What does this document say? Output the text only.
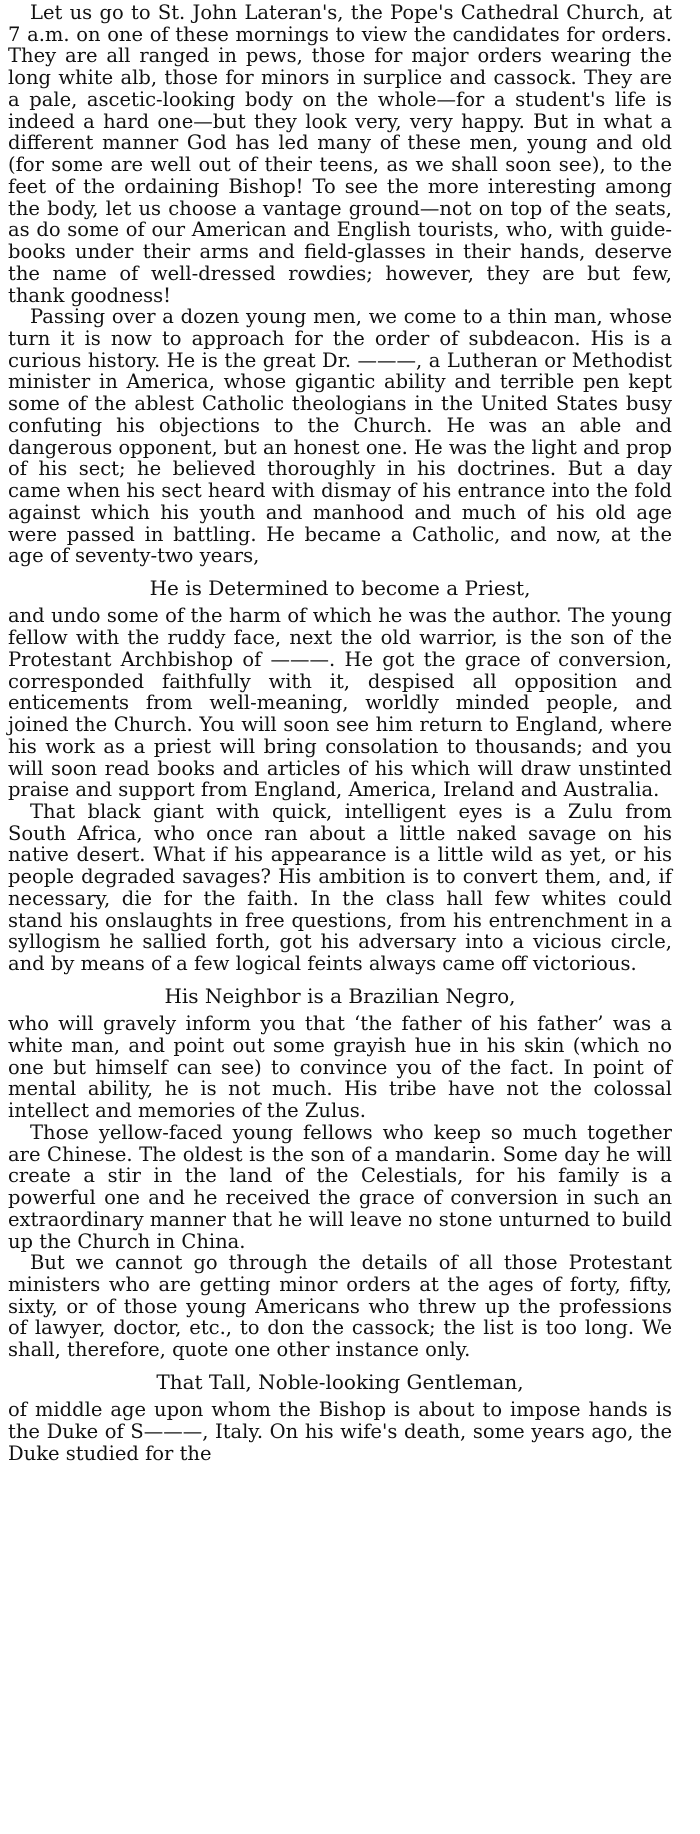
Let us go to St. John Lateran's, the Pope's Cathedral Church, at 7 a.m. on one of these mornings to view the candidates for orders. They are all ranged in pews, those for major orders wearing the long white alb, those for minors in surplice and cassock. They are a pale, ascetic-looking body on the whole—for a student's life is indeed a hard one—but they look very, very happy. But in what a different manner God has led many of these men, young and old (for some are well out of their teens, as we shall soon see), to the feet of the ordaining Bishop! To see the more interesting among the body, let us choose a vantage ground—not on top of the seats, as do some of our American and English tourists, who, with guide-books under their arms and field-glasses in their hands, deserve the name of well-dressed rowdies; however, they are but few, thank goodness!

Passing over a dozen young men, we come to a thin man, whose turn it is now to approach for the order of subdeacon. His is a curious history. He is the great Dr. ———, a Lutheran or Methodist minister in America, whose gigantic ability and terrible pen kept some of the ablest Catholic theologians in the United States busy confuting his objections to the Church. He was an able and dangerous opponent, but an honest one. He was the light and prop of his sect; he believed thoroughly in his doctrines. But a day came when his sect heard with dismay of his entrance into the fold against which his youth and manhood and much of his old age were passed in battling. He became a Catholic, and now, at the age of seventy-two years,

He is Determined to become a Priest,

and undo some of the harm of which he was the author. The young fellow with the ruddy face, next the old warrior, is the son of the Protestant Archbishop of ———. He got the grace of conversion, corresponded faithfully with it, despised all opposition and enticements from well-meaning, worldly minded people, and joined the Church. You will soon see him return to England, where his work as a priest will bring consolation to thousands; and you will soon read books and articles of his which will draw unstinted praise and support from England, America, Ireland and Australia.

That black giant with quick, intelligent eyes is a Zulu from South Africa, who once ran about a little naked savage on his native desert. What if his appearance is a little wild as yet, or his people degraded savages? His ambition is to convert them, and, if necessary, die for the faith. In the class hall few whites could stand his onslaughts in free questions, from his entrenchment in a syllogism he sallied forth, got his adversary into a vicious circle, and by means of a few logical feints always came off victorious.

His Neighbor is a Brazilian Negro,

who will gravely inform you that ‘the father of his father’ was a white man, and point out some grayish hue in his skin (which no one but himself can see) to convince you of the fact. In point of mental ability, he is not much. His tribe have not the colossal intellect and memories of the Zulus.

Those yellow-faced young fellows who keep so much together are Chinese. The oldest is the son of a mandarin. Some day he will create a stir in the land of the Celestials, for his family is a powerful one and he received the grace of conversion in such an extraordinary manner that he will leave no stone unturned to build up the Church in China.

But we cannot go through the details of all those Protestant ministers who are getting minor orders at the ages of forty, fifty, sixty, or of those young Americans who threw up the professions of lawyer, doctor, etc., to don the cassock; the list is too long. We shall, therefore, quote one other instance only.

That Tall, Noble-looking Gentleman,

of middle age upon whom the Bishop is about to impose hands is the Duke of S———, Italy. On his wife's death, some years ago, the Duke studied for the
